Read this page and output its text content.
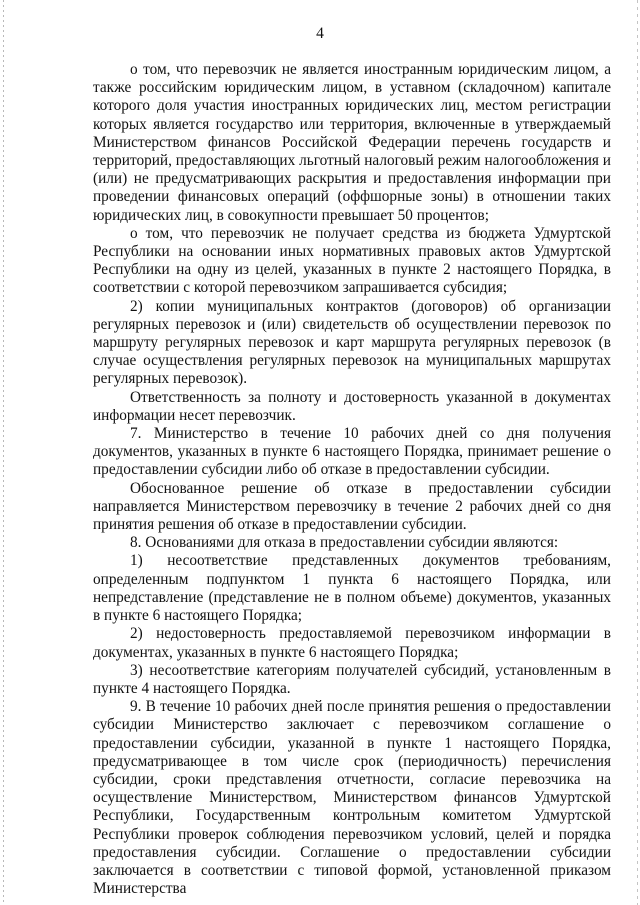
4

о том, что перевозчик не является иностранным юридическим лицом, а также российским юридическим лицом, в уставном (складочном) капитале которого доля участия иностранных юридических лиц, местом регистрации которых является государство или территория, включенные в утверждаемый Министерством финансов Российской Федерации перечень государств и территорий, предоставляющих льготный налоговый режим налогообложения и (или) не предусматривающих раскрытия и предоставления информации при проведении финансовых операций (оффшорные зоны) в отношении таких юридических лиц, в совокупности превышает 50 процентов;

о том, что перевозчик не получает средства из бюджета Удмуртской Республики на основании иных нормативных правовых актов Удмуртской Республики на одну из целей, указанных в пункте 2 настоящего Порядка, в соответствии с которой перевозчиком запрашивается субсидия;

2) копии муниципальных контрактов (договоров) об организации регулярных перевозок и (или) свидетельств об осуществлении перевозок по маршруту регулярных перевозок и карт маршрута регулярных перевозок (в случае осуществления регулярных перевозок на муниципальных маршрутах регулярных перевозок).

Ответственность за полноту и достоверность указанной в документах информации несет перевозчик.

7. Министерство в течение 10 рабочих дней со дня получения документов, указанных в пункте 6 настоящего Порядка, принимает решение о предоставлении субсидии либо об отказе в предоставлении субсидии.

Обоснованное решение об отказе в предоставлении субсидии направляется Министерством перевозчику в течение 2 рабочих дней со дня принятия решения об отказе в предоставлении субсидии.

8. Основаниями для отказа в предоставлении субсидии являются:

1) несоответствие представленных документов требованиям, определенным подпунктом 1 пункта 6 настоящего Порядка, или непредставление (представление не в полном объеме) документов, указанных в пункте 6 настоящего Порядка;

2) недостоверность предоставляемой перевозчиком информации в документах, указанных в пункте 6 настоящего Порядка;

3) несоответствие категориям получателей субсидий, установленным в пункте 4 настоящего Порядка.

9. В течение 10 рабочих дней после принятия решения о предоставлении субсидии Министерство заключает с перевозчиком соглашение о предоставлении субсидии, указанной в пункте 1 настоящего Порядка, предусматривающее в том числе срок (периодичность) перечисления субсидии, сроки представления отчетности, согласие перевозчика на осуществление Министерством, Министерством финансов Удмуртской Республики, Государственным контрольным комитетом Удмуртской Республики проверок соблюдения перевозчиком условий, целей и порядка предоставления субсидии. Соглашение о предоставлении субсидии заключается в соответствии с типовой формой, установленной приказом Министерства
